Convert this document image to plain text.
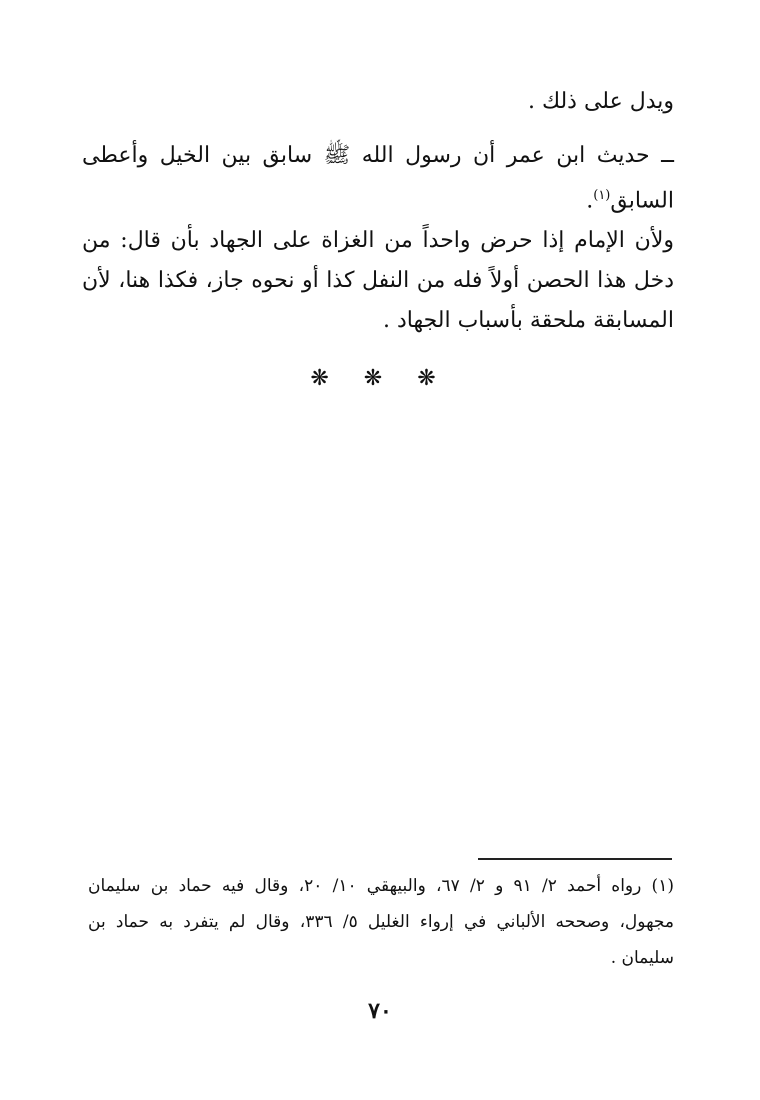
ويدل على ذلك .
ــ حديث ابن عمر أن رسول الله ﷺ سابق بين الخيل وأعطى
السابق$^{(١)}$.
ولأن الإمام إذا حرض واحداً من الغزاة على الجهاد بأن قال: من
دخل هذا الحصن أولاً فله من النفل كذا أو نحوه جاز، فكذا هنا، لأن
المسابقة ملحقة بأسباب الجهاد .
❋ ❋ ❋
(١) رواه أحمد ٢/ ٩١ و ٢/ ٦٧، والبيهقي ١٠/ ٢٠، وقال فيه حماد بن سليمان
مجهول، وصححه الألباني في إرواء الغليل ٥/ ٣٣٦، وقال لم يتفرد به حماد بن
سليمان .
٧٠
